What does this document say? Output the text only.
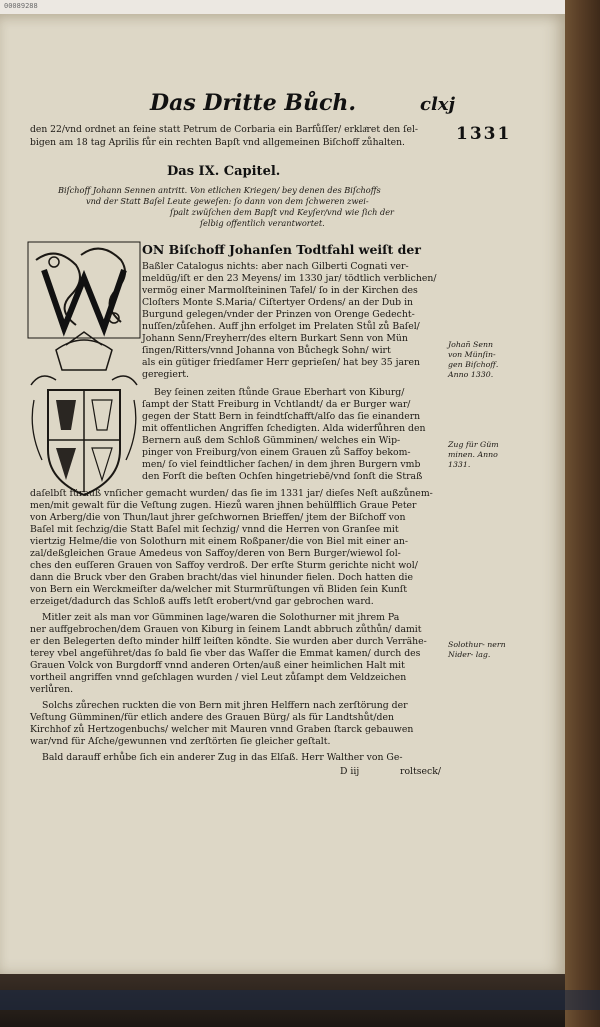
00089288
Das Dritte Bůch.	clxj
1331
den 22/vnd ordnet an feine statt Petrum de Corbaria ein Barfůſſer/ erklaͤret den ſel-
bigen am 18 tag Aprilis fůr ein rechten Bapſt vnd allgemeinen Biſchoff zůhalten.
Das IX. Capitel.
Biſchoff Johann Sennen antritt. Von etlichen Kriegen/ bey denen des Biſchoffs
vnd der Statt Baſel Leute geweſen: ſo dann von dem ſchweren zwei-
ſpalt zwüſchen dem Bapſt vnd Keyſer/vnd wie ſich der
ſelbig offentlich verantwortet.
ON Biſchoff Johanſen Todtfahl weiſt der
Baßler Catalogus nichts: aber nach Gilberti Cognati ver-
meldüg/iſt er den 23 Meyens/ im 1330 jar/ tödtlich verblichen/
vermög einer Marmolſteininen Tafel/ ſo in der Kirchen des
Cloſters Monte S.Maria/ Ciſtertyer Ordens/ an der Dub in
Burgund gelegen/vnder der Prinzen von Orenge Gedecht-
nuſſen/zůſehen. Auff jhn erfolget im Prelaten Stůl zů Baſel/
Johann Senn/Freyherr/des eltern Burkart Senn von Mün
ſingen/Ritters/vnnd Johanna von Bůchegk Sohn/ wirt
als ein gütiger friedſamer Herr geprieſen/ hat bey 35 jaren
geregiert.
Bey ſeinen zeiten ſtůnde Graue Eberhart von Kiburg/
ſampt der Statt Freiburg in Vchtlandt/ da er Burger war/
gegen der Statt Bern in feindtſchafft/alſo das ſie einandern
mit offentlichen Angriffen ſchedigten. Alda widerfůhren den
Bernern auß dem Schloß Gümminen/ welches ein Wip-
pinger von Freiburg/von einem Grauen zů Saffoy bekom-
men/ ſo viel feindtlicher ſachen/ in dem jhren Burgern vmb
den Forſt die beſten Ochſen hingetriebē/vnd ſonſt die Straß
daſelbſt fürauß vnſicher gemacht wurden/ das ſie im 1331 jar/ dieſes Neſt außzůnem-
men/mit gewalt für die Veſtung zugen. Hiezů waren jhnen behülfflich Graue Peter
von Arberg/die von Thun/laut jhrer geſchwornen Brieffen/ jtem der Biſchoff von
Baſel mit ſechzig/die Statt Baſel mit ſechzig/ vnnd die Herren von Granſee mit
viertzig Helme/die von Solothurn mit einem Roßpaner/die von Biel mit einer an-
zal/deßgleichen Graue Amedeus von Saffoy/deren von Bern Burger/wiewol ſol-
ches den euſſeren Grauen von Saffoy verdroß. Der erſte Sturm gerichte nicht wol/
dann die Bruck vber den Graben bracht/das viel hinunder fielen. Doch hatten die
von Bern ein Werckmeiſter da/welcher mit Sturmrüſtungen vñ Bliden ſein Kunſt
erzeiget/dadurch das Schloß auffs letſt erobert/vnd gar gebrochen ward.
Mitler zeit als man vor Gümminen lage/waren die Solothurner mit jhrem Pa
ner auffgebrochen/dem Grauen von Kiburg in ſeinem Landt abbruch zůthůn/ damit
er den Belegerten deſto minder hilff leiſten köndte. Sie wurden aber durch Verrähe-
terey vbel angeführet/das ſo bald ſie vber das Waſſer die Emmat kamen/ durch des
Grauen Volck von Burgdorff vnnd anderen Orten/auß einer heimlichen Halt mit
vortheil angriffen vnnd geſchlagen wurden / viel Leut zůſampt dem Veldzeichen
verlůren.
Solchs zůrechen ruckten die von Bern mit jhren Helffern nach zerſtörung der
Veſtung Gümminen/für etlich andere des Grauen Bürg/ als für Landtshůt/den
Kirchhof zů Hertzogenbuchs/ welcher mit Mauren vnnd Graben ſtarck gebauwen
war/vnd für Aſche/gewunnen vnd zerſtörten ſie gleicher geſtalt.
Bald darauff erhůbe ſich ein anderer Zug in das Elſaß. Herr Walther von Ge-
D iij	roltseck/
Johañ Senn von Münſin- gen Biſchoff. Anno 1330.
Zug für Güm minen. Anno 1331.
Solothur- nern Nider- lag.
